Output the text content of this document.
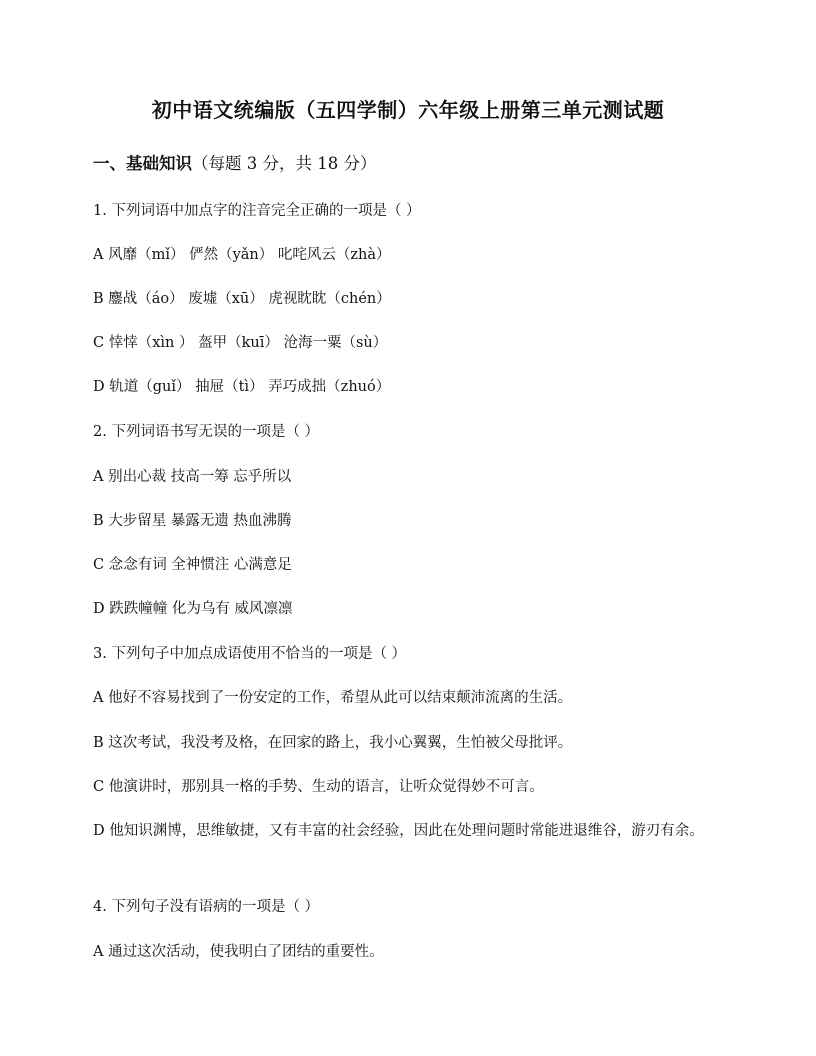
初中语文统编版（五四学制）六年级上册第三单元测试题
一、基础知识（每题 3 分，共 18 分）
1. 下列词语中加点字的注音完全正确的一项是（ ）
A 风靡（mǐ） 俨然（yǎn） 叱咤风云（zhà）
B 鏖战（áo） 废墟（xū） 虎视眈眈（chén）
C 悻悻（xìn ） 盔甲（kuī） 沧海一粟（sù）
D 轨道（guǐ） 抽屉（tì） 弄巧成拙（zhuó）
2. 下列词语书写无误的一项是（ ）
A 别出心裁 技高一筹 忘乎所以
B 大步留星 暴露无遗 热血沸腾
C 念念有词 全神惯注 心满意足
D 跌跌幢幢 化为乌有 威风凛凛
3. 下列句子中加点成语使用不恰当的一项是（ ）
A 他好不容易找到了一份安定的工作，希望从此可以结束颠沛流离的生活。
B 这次考试，我没考及格，在回家的路上，我小心翼翼，生怕被父母批评。
C 他演讲时，那别具一格的手势、生动的语言，让听众觉得妙不可言。
D 他知识渊博，思维敏捷，又有丰富的社会经验，因此在处理问题时常能进退维谷，游刃有余。
4. 下列句子没有语病的一项是（ ）
A 通过这次活动，使我明白了团结的重要性。
